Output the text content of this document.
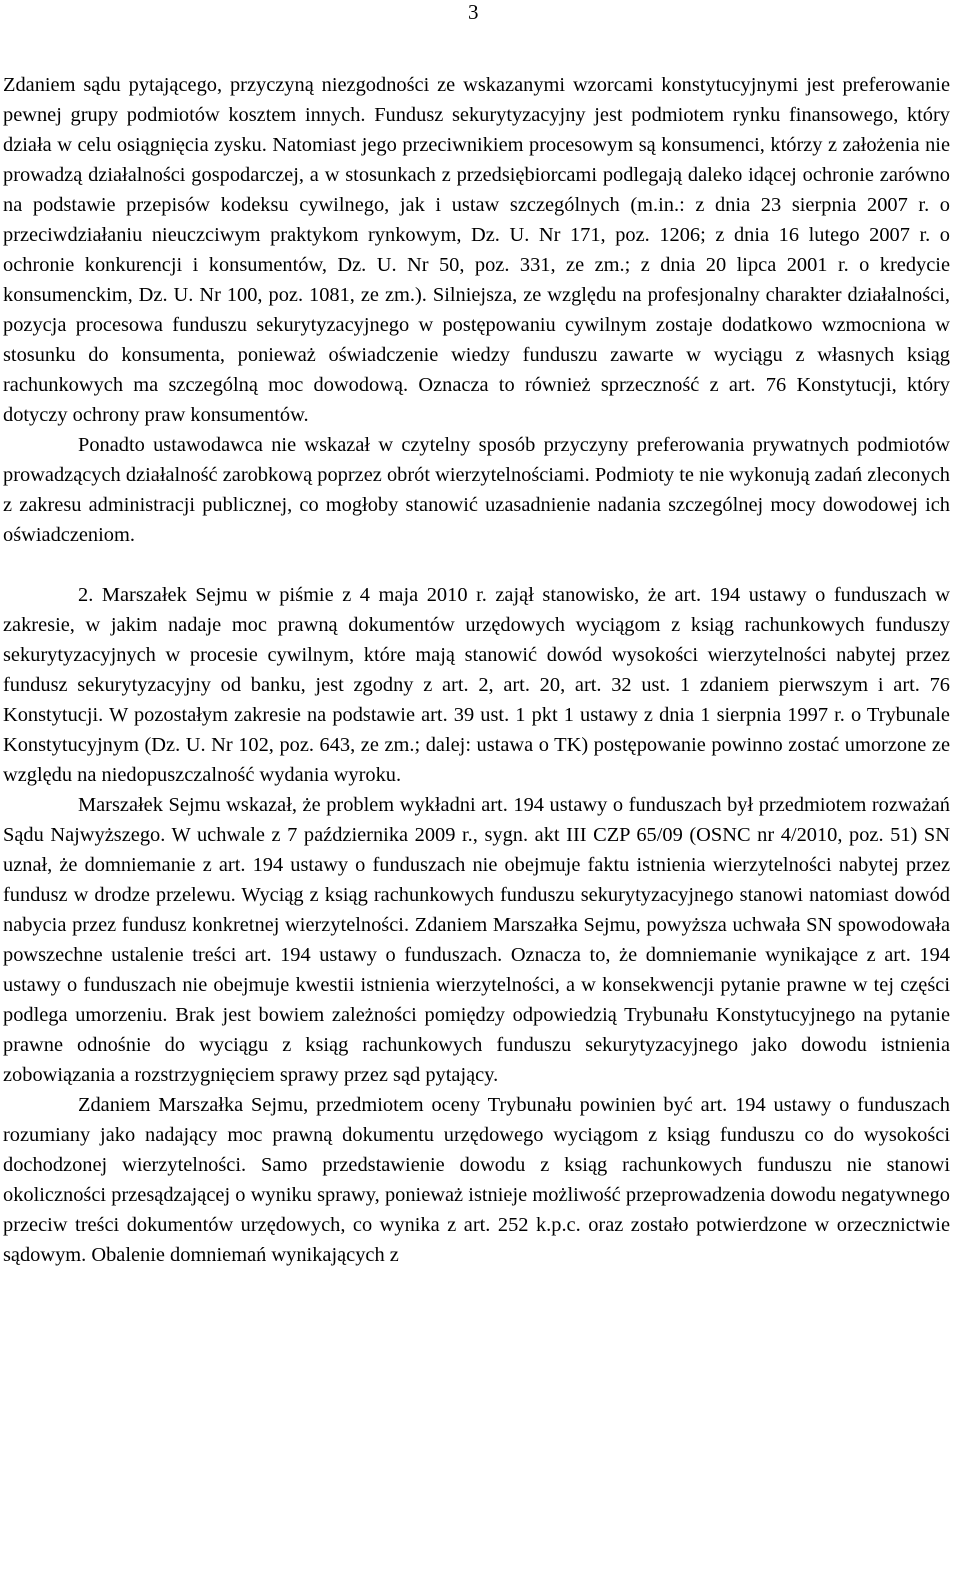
3

Zdaniem sądu pytającego, przyczyną niezgodności ze wskazanymi wzorcami konstytucyjnymi jest preferowanie pewnej grupy podmiotów kosztem innych. Fundusz sekurytyzacyjny jest podmiotem rynku finansowego, który działa w celu osiągnięcia zysku. Natomiast jego przeciwnikiem procesowym są konsumenci, którzy z założenia nie prowadzą działalności gospodarczej, a w stosunkach z przedsiębiorcami podlegają daleko idącej ochronie zarówno na podstawie przepisów kodeksu cywilnego, jak i ustaw szczególnych (m.in.: z dnia 23 sierpnia 2007 r. o przeciwdziałaniu nieuczciwym praktykom rynkowym, Dz. U. Nr 171, poz. 1206; z dnia 16 lutego 2007 r. o ochronie konkurencji i konsumentów, Dz. U. Nr 50, poz. 331, ze zm.; z dnia 20 lipca 2001 r. o kredycie konsumenckim, Dz. U. Nr 100, poz. 1081, ze zm.). Silniejsza, ze względu na profesjonalny charakter działalności, pozycja procesowa funduszu sekurytyzacyjnego w postępowaniu cywilnym zostaje dodatkowo wzmocniona w stosunku do konsumenta, ponieważ oświadczenie wiedzy funduszu zawarte w wyciągu z własnych ksiąg rachunkowych ma szczególną moc dowodową. Oznacza to również sprzeczność z art. 76 Konstytucji, który dotyczy ochrony praw konsumentów.

Ponadto ustawodawca nie wskazał w czytelny sposób przyczyny preferowania prywatnych podmiotów prowadzących działalność zarobkową poprzez obrót wierzytelnościami. Podmioty te nie wykonują zadań zleconych z zakresu administracji publicznej, co mogłoby stanowić uzasadnienie nadania szczególnej mocy dowodowej ich oświadczeniom.

2. Marszałek Sejmu w piśmie z 4 maja 2010 r. zajął stanowisko, że art. 194 ustawy o funduszach w zakresie, w jakim nadaje moc prawną dokumentów urzędowych wyciągom z ksiąg rachunkowych funduszy sekurytyzacyjnych w procesie cywilnym, które mają stanowić dowód wysokości wierzytelności nabytej przez fundusz sekurytyzacyjny od banku, jest zgodny z art. 2, art. 20, art. 32 ust. 1 zdaniem pierwszym i art. 76 Konstytucji. W pozostałym zakresie na podstawie art. 39 ust. 1 pkt 1 ustawy z dnia 1 sierpnia 1997 r. o Trybunale Konstytucyjnym (Dz. U. Nr 102, poz. 643, ze zm.; dalej: ustawa o TK) postępowanie powinno zostać umorzone ze względu na niedopuszczalność wydania wyroku.

Marszałek Sejmu wskazał, że problem wykładni art. 194 ustawy o funduszach był przedmiotem rozważań Sądu Najwyższego. W uchwale z 7 października 2009 r., sygn. akt III CZP 65/09 (OSNC nr 4/2010, poz. 51) SN uznał, że domniemanie z art. 194 ustawy o funduszach nie obejmuje faktu istnienia wierzytelności nabytej przez fundusz w drodze przelewu. Wyciąg z ksiąg rachunkowych funduszu sekurytyzacyjnego stanowi natomiast dowód nabycia przez fundusz konkretnej wierzytelności. Zdaniem Marszałka Sejmu, powyższa uchwała SN spowodowała powszechne ustalenie treści art. 194 ustawy o funduszach. Oznacza to, że domniemanie wynikające z art. 194 ustawy o funduszach nie obejmuje kwestii istnienia wierzytelności, a w konsekwencji pytanie prawne w tej części podlega umorzeniu. Brak jest bowiem zależności pomiędzy odpowiedzią Trybunału Konstytucyjnego na pytanie prawne odnośnie do wyciągu z ksiąg rachunkowych funduszu sekurytyzacyjnego jako dowodu istnienia zobowiązania a rozstrzygnięciem sprawy przez sąd pytający.

Zdaniem Marszałka Sejmu, przedmiotem oceny Trybunału powinien być art. 194 ustawy o funduszach rozumiany jako nadający moc prawną dokumentu urzędowego wyciągom z ksiąg funduszu co do wysokości dochodzonej wierzytelności. Samo przedstawienie dowodu z ksiąg rachunkowych funduszu nie stanowi okoliczności przesądzającej o wyniku sprawy, ponieważ istnieje możliwość przeprowadzenia dowodu negatywnego przeciw treści dokumentów urzędowych, co wynika z art. 252 k.p.c. oraz zostało potwierdzone w orzecznictwie sądowym. Obalenie domniemań wynikających z
